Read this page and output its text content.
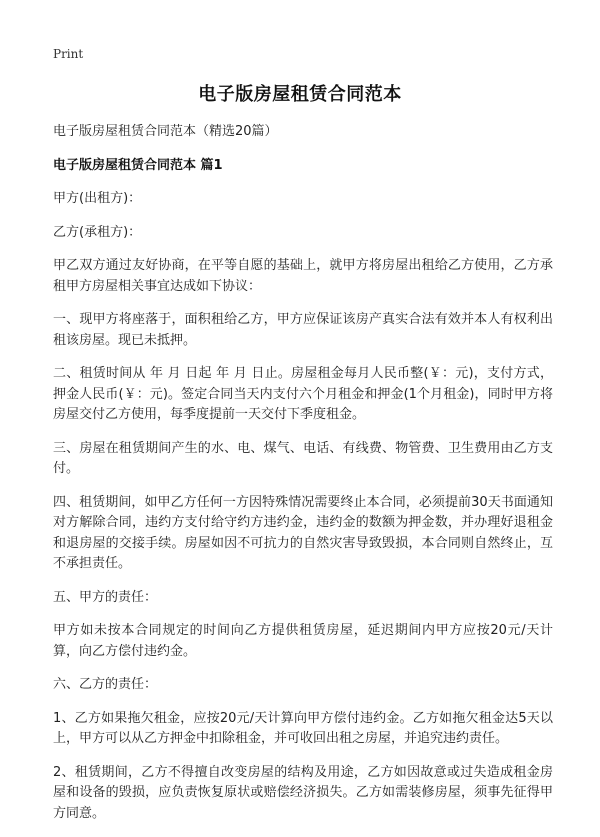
Print
电子版房屋租赁合同范本

电子版房屋租赁合同范本（精选20篇）

电子版房屋租赁合同范本 篇1

甲方(出租方)：

乙方(承租方)：

甲乙双方通过友好协商，在平等自愿的基础上，就甲方将房屋出租给乙方使用，乙方承租甲方房屋相关事宜达成如下协议：

一、现甲方将座落于，面积租给乙方，甲方应保证该房产真实合法有效并本人有权利出租该房屋。现已未抵押。

二、租赁时间从 年 月 日起 年 月 日止。房屋租金每月人民币整(￥：元)，支付方式，押金人民币(￥：元)。签定合同当天内支付六个月租金和押金(1个月租金)，同时甲方将房屋交付乙方使用，每季度提前一天交付下季度租金。

三、房屋在租赁期间产生的水、电、煤气、电话、有线费、物管费、卫生费用由乙方支付。

四、租赁期间，如甲乙方任何一方因特殊情况需要终止本合同，必须提前30天书面通知对方解除合同，违约方支付给守约方违约金，违约金的数额为押金数，并办理好退租金和退房屋的交接手续。房屋如因不可抗力的自然灾害导致毁损，本合同则自然终止，互不承担责任。

五、甲方的责任：

甲方如未按本合同规定的时间向乙方提供租赁房屋，延迟期间内甲方应按20元/天计算，向乙方偿付违约金。

六、乙方的责任：

1、乙方如果拖欠租金，应按20元/天计算向甲方偿付违约金。乙方如拖欠租金达5天以上，甲方可以从乙方押金中扣除租金，并可收回出租之房屋，并追究违约责任。

2、租赁期间，乙方不得擅自改变房屋的结构及用途，乙方如因故意或过失造成租金房屋和设备的毁损，应负责恢复原状或赔偿经济损失。乙方如需装修房屋，须事先征得甲方同意。
